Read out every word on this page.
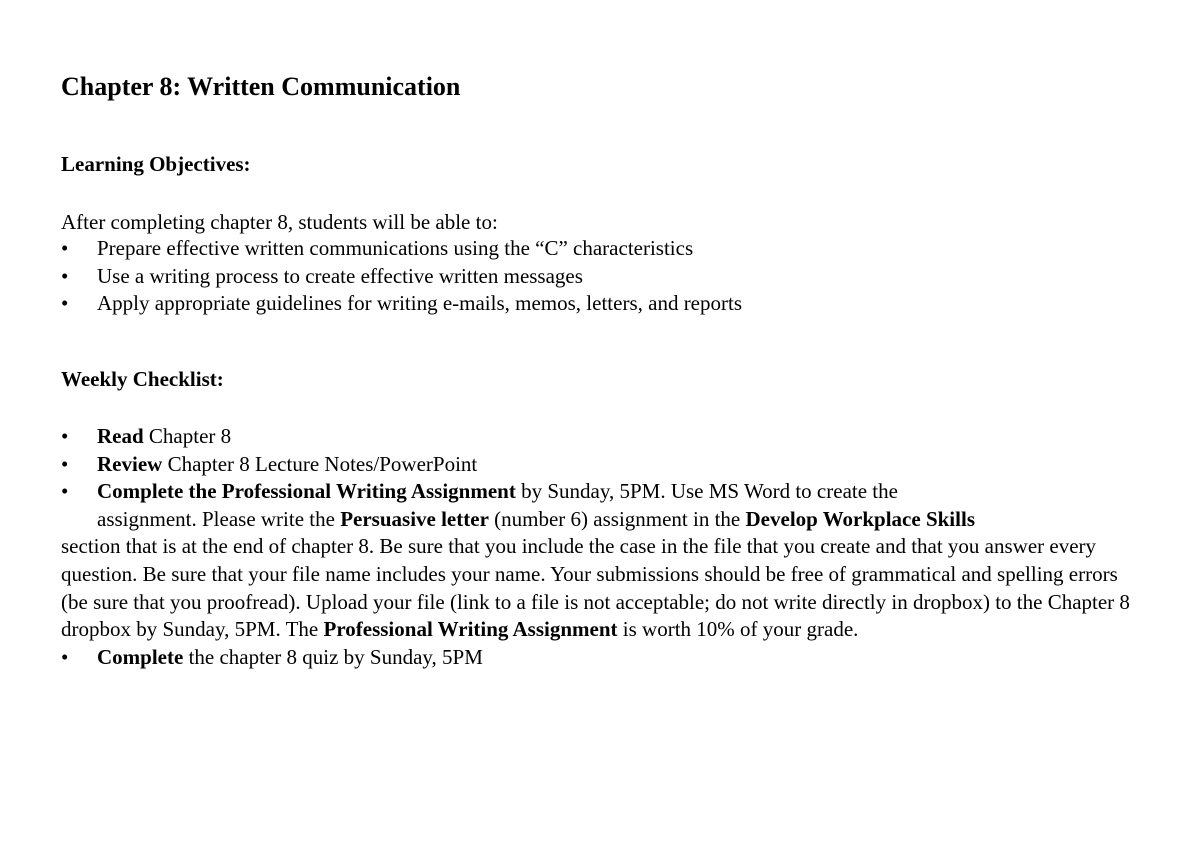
Chapter 8: Written Communication
Learning Objectives:

After completing chapter 8, students will be able to:

• Prepare effective written communications using the “C” characteristics
• Use a writing process to create effective written messages
• Apply appropriate guidelines for writing e-mails, memos, letters, and reports
Weekly Checklist:
• Read Chapter 8
• Review Chapter 8 Lecture Notes/PowerPoint
•	Complete the Professional Writing Assignment by Sunday, 5PM. Use MS Word to create the
assignment. Please write the Persuasive letter (number 6) assignment in the Develop Workplace Skills
section that is at the end of chapter 8. Be sure that you include the case in the file that you create and that you answer every question. Be sure that your file name includes your name. Your submissions should be free of grammatical and spelling errors (be sure that you proofread). Upload your file (link to a file is not acceptable; do not write directly in dropbox) to the Chapter 8 dropbox by Sunday, 5PM. The Professional Writing Assignment is worth 10% of your grade.
• Complete the chapter 8 quiz by Sunday, 5PM
